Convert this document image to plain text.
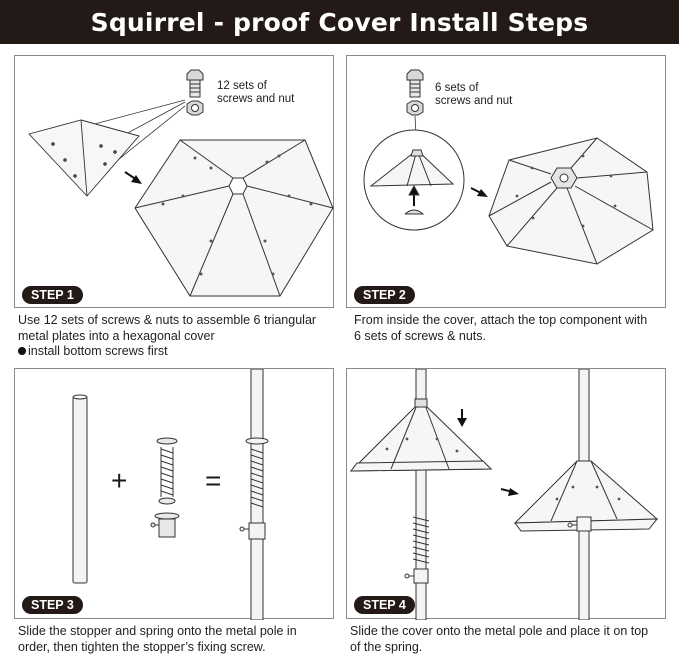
Squirrel - proof Cover Install Steps
12 sets of
screws and nut
STEP 1
Use 12 sets of screws & nuts to assemble 6 triangular
metal plates into a hexagonal cover
install bottom screws first
6 sets of
screws and nut
STEP 2
From inside the cover, attach the top component with
6 sets of screws & nuts.
+	=
STEP 3
Slide the stopper and spring onto the metal pole in
order, then tighten the stopper’s fixing screw.
STEP 4
Slide the cover onto the metal pole and place it on top
of the spring.
